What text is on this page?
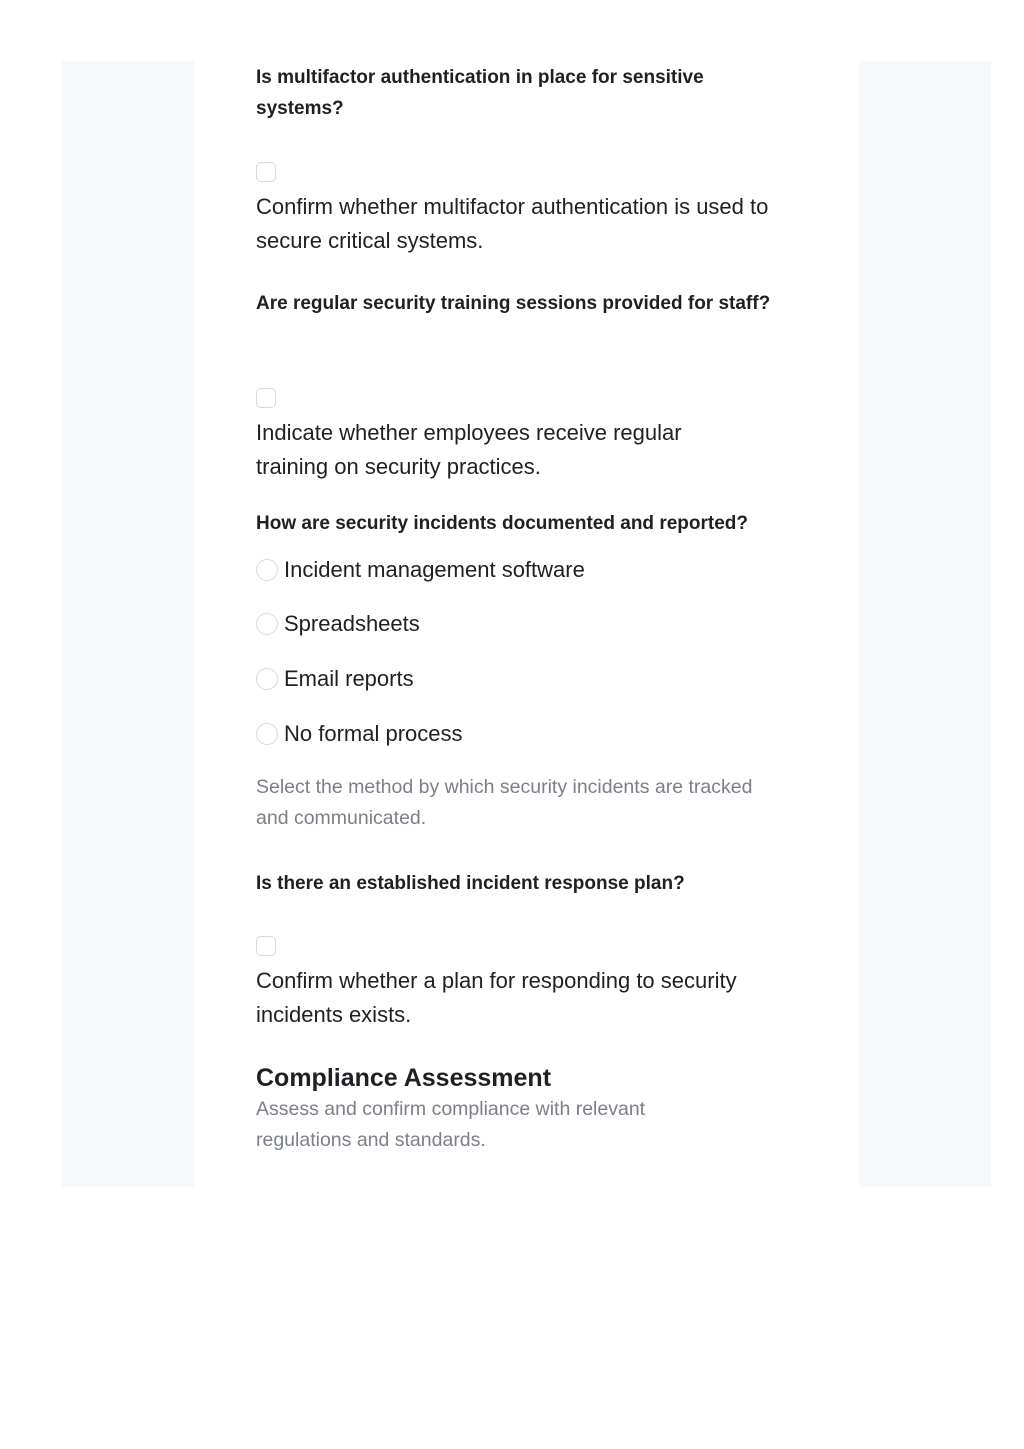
Is multifactor authentication in place for sensitive systems?

Confirm whether multifactor authentication is used to secure critical systems.

Are regular security training sessions provided for staff?

Indicate whether employees receive regular training on security practices.

How are security incidents documented and reported?

Incident management software
Spreadsheets
Email reports
No formal process

Select the method by which security incidents are tracked and communicated.

Is there an established incident response plan?

Confirm whether a plan for responding to security incidents exists.

Compliance Assessment

Assess and confirm compliance with relevant regulations and standards.
